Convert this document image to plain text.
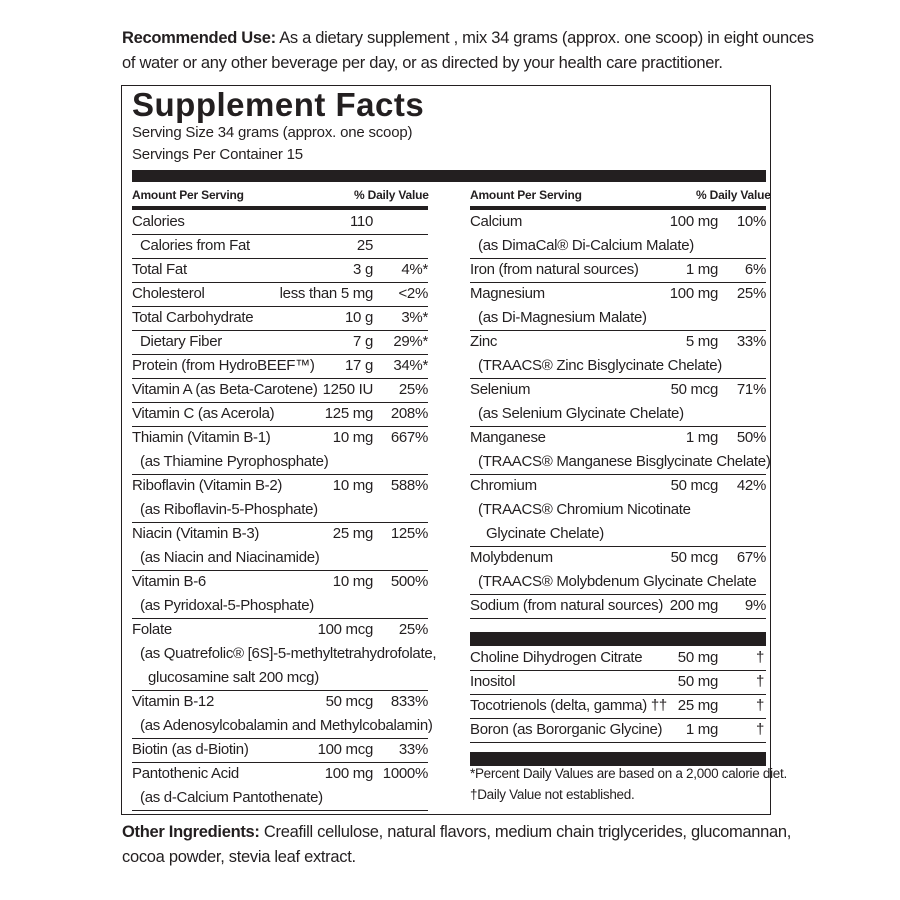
Recommended Use: As a dietary supplement , mix 34 grams (approx. one scoop) in eight ounces of water or any other beverage per day, or as directed by your health care practitioner.
Supplement Facts
Serving Size 34 grams (approx. one scoop)
Servings Per Container 15
Amount Per Serving	% Daily Value	Amount Per Serving	% Daily Value
Calories	110
Calories from Fat	25
Total Fat	3 g 4%*
Cholesterol	less than 5 mg <2%
Total Carbohydrate	10 g 3%*
Dietary Fiber	7 g 29%*
Protein (from HydroBEEF™) 17 g 34%*
Vitamin A (as Beta-Carotene) 1250 IU 25%
Vitamin C (as Acerola)	125 mg 208%
Thiamin (Vitamin B-1)	10 mg 667%
(as Thiamine Pyrophosphate)
Riboflavin (Vitamin B-2)	10 mg 588%
(as Riboflavin-5-Phosphate)
Niacin (Vitamin B-3)	25 mg 125%
(as Niacin and Niacinamide)
Vitamin B-6	10 mg 500%
(as Pyridoxal-5-Phosphate)
Folate	100 mcg 25%
(as Quatrefolic® [6S]-5-methyltetrahydrofolate,
glucosamine salt 200 mcg)
Vitamin B-12	50 mcg 833%
(as Adenosylcobalamin and Methylcobalamin)
Biotin (as d-Biotin)	100 mcg 33%
Pantothenic Acid	100 mg 1000%
(as d-Calcium Pantothenate)
Calcium	100 mg 10%
(as DimaCal® Di-Calcium Malate)
Iron (from natural sources)	1 mg 6%
Magnesium	100 mg 25%
(as Di-Magnesium Malate)
Zinc	5 mg 33%
(TRAACS® Zinc Bisglycinate Chelate)
Selenium	50 mcg 71%
(as Selenium Glycinate Chelate)
Manganese	1 mg 50%
(TRAACS® Manganese Bisglycinate Chelate)
Chromium	50 mcg 42%
(TRAACS® Chromium Nicotinate
Glycinate Chelate)
Molybdenum	50 mcg 67%
(TRAACS® Molybdenum Glycinate Chelate
Sodium (from natural sources) 200 mg 9%
Choline Dihydrogen Citrate 50 mg	†
Inositol	50 mg	†
Tocotrienols (delta, gamma) †† 25 mg	†
Boron (as Bororganic Glycine) 1 mg	†
*Percent Daily Values are based on a 2,000 calorie diet.
†Daily Value not established.
Other Ingredients: Creafill cellulose, natural flavors, medium chain triglycerides, glucomannan, cocoa powder, stevia leaf extract.
